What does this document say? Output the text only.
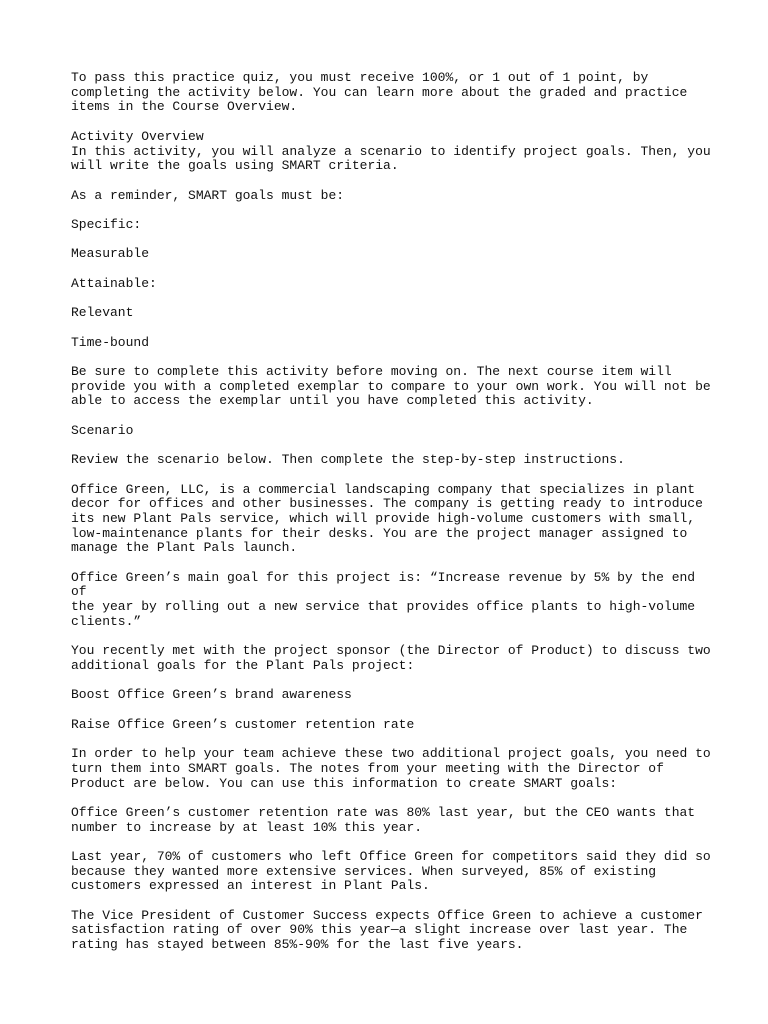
To pass this practice quiz, you must receive 100%, or 1 out of 1 point, by
completing the activity below. You can learn more about the graded and practice
items in the Course Overview.

Activity Overview

In this activity, you will analyze a scenario to identify project goals. Then, you
will write the goals using SMART criteria.

As a reminder, SMART goals must be:

Specific:

Measurable

Attainable:

Relevant

Time-bound

Be sure to complete this activity before moving on. The next course item will
provide you with a completed exemplar to compare to your own work. You will not be
able to access the exemplar until you have completed this activity.

Scenario

Review the scenario below. Then complete the step-by-step instructions.

Office Green, LLC, is a commercial landscaping company that specializes in plant
decor for offices and other businesses. The company is getting ready to introduce
its new Plant Pals service, which will provide high-volume customers with small,
low-maintenance plants for their desks. You are the project manager assigned to
manage the Plant Pals launch.

Office Green’s main goal for this project is: “Increase revenue by 5% by the end of
the year by rolling out a new service that provides office plants to high-volume
clients.”

You recently met with the project sponsor (the Director of Product) to discuss two
additional goals for the Plant Pals project:

Boost Office Green’s brand awareness

Raise Office Green’s customer retention rate

In order to help your team achieve these two additional project goals, you need to
turn them into SMART goals. The notes from your meeting with the Director of
Product are below. You can use this information to create SMART goals:

Office Green’s customer retention rate was 80% last year, but the CEO wants that
number to increase by at least 10% this year.

Last year, 70% of customers who left Office Green for competitors said they did so
because they wanted more extensive services. When surveyed, 85% of existing
customers expressed an interest in Plant Pals.

The Vice President of Customer Success expects Office Green to achieve a customer
satisfaction rating of over 90% this year—a slight increase over last year. The
rating has stayed between 85%-90% for the last five years.
